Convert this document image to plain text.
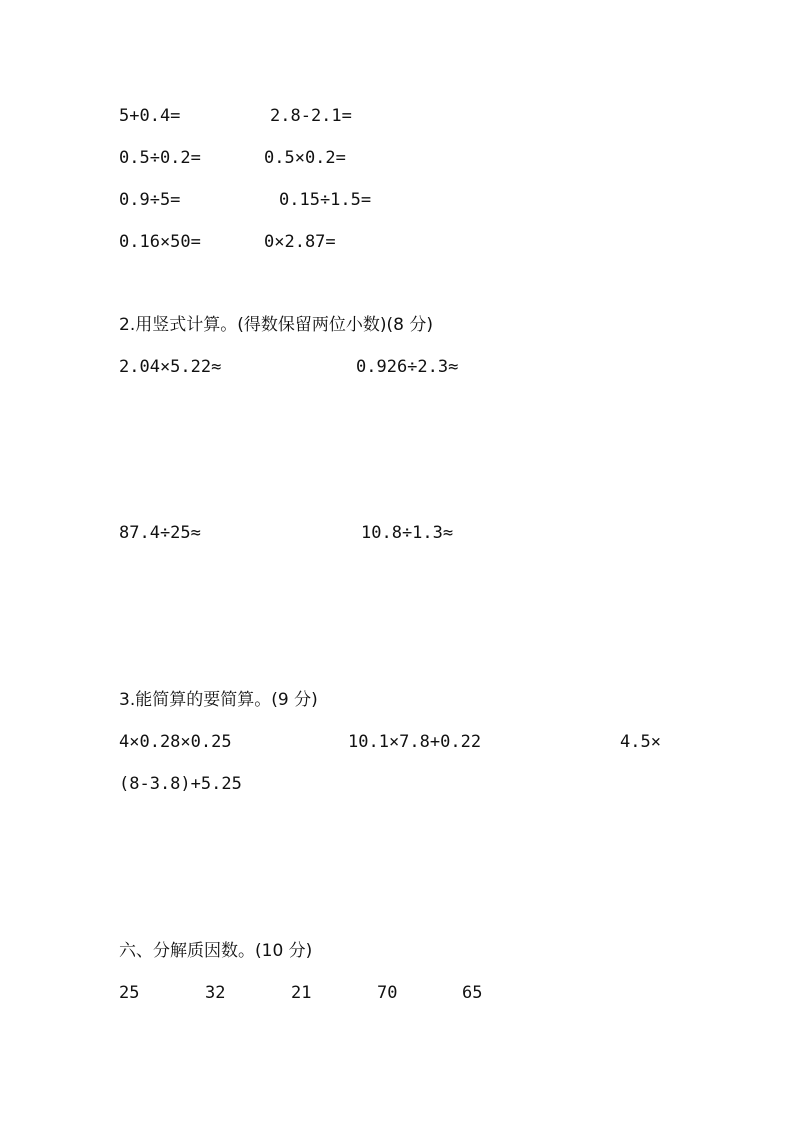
5+0.4=	2.8-2.1=
0.5÷0.2=	0.5×0.2=
0.9÷5=	0.15÷1.5=
0.16×50=	0×2.87=
2.用竖式计算。(得数保留两位小数)(8 分)
2.04×5.22≈	0.926÷2.3≈
87.4÷25≈	10.8÷1.3≈
3.能简算的要简算。(9 分)
4×0.28×0.25	10.1×7.8+0.22	4.5×
(8-3.8)+5.25
六、分解质因数。(10 分)
25	32	21	70	65
